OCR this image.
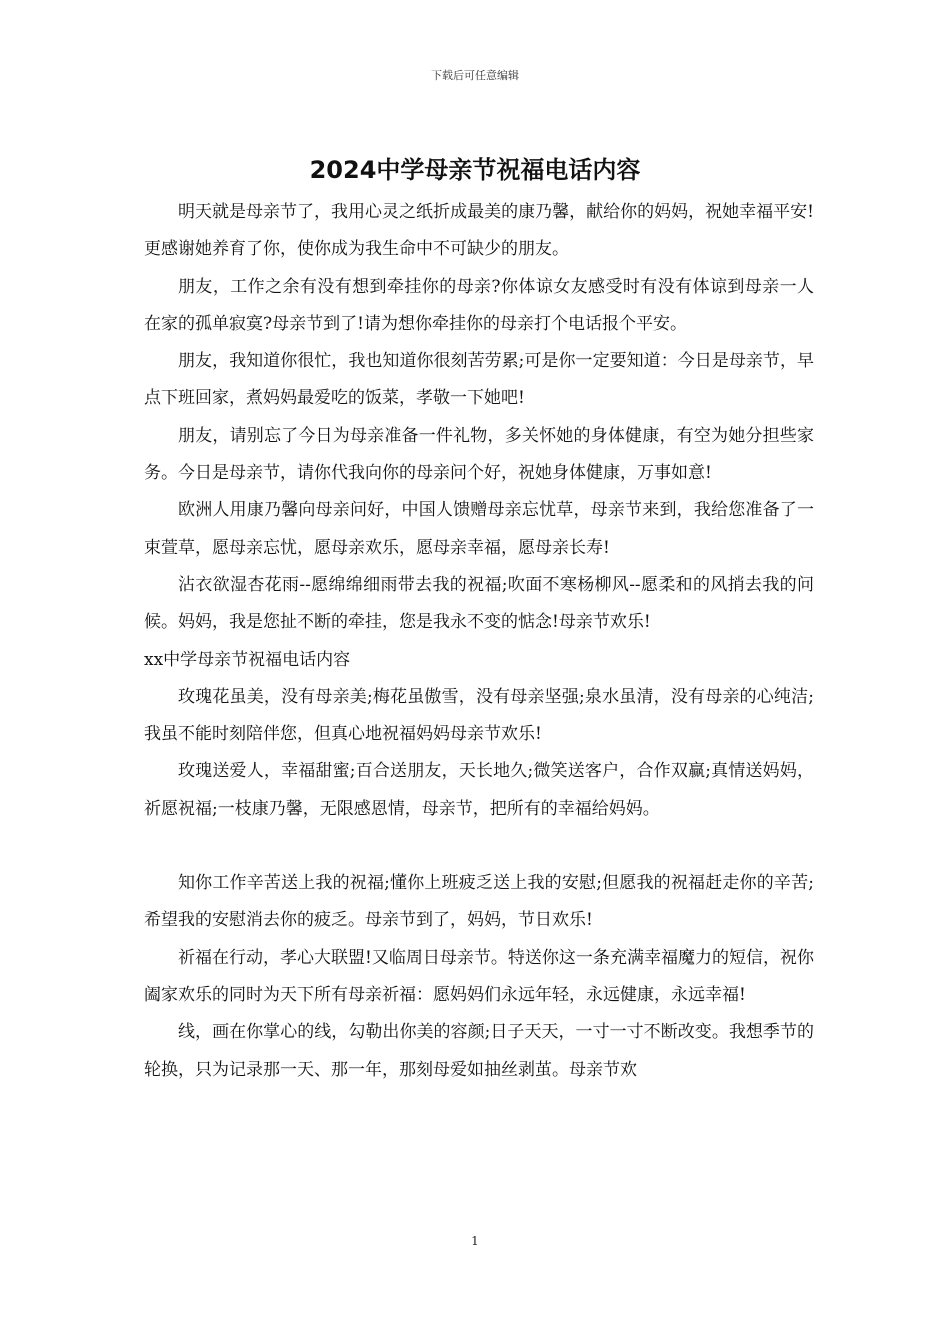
下载后可任意编辑
2024中学母亲节祝福电话内容

明天就是母亲节了，我用心灵之纸折成最美的康乃馨，献给你的妈妈，祝她幸福平安!更感谢她养育了你，使你成为我生命中不可缺少的朋友。

朋友，工作之余有没有想到牵挂你的母亲?你体谅女友感受时有没有体谅到母亲一人在家的孤单寂寞?母亲节到了!请为想你牵挂你的母亲打个电话报个平安。

朋友，我知道你很忙，我也知道你很刻苦劳累;可是你一定要知道：今日是母亲节，早点下班回家，煮妈妈最爱吃的饭菜，孝敬一下她吧!

朋友，请别忘了今日为母亲准备一件礼物，多关怀她的身体健康，有空为她分担些家务。今日是母亲节，请你代我向你的母亲问个好，祝她身体健康，万事如意!

欧洲人用康乃馨向母亲问好，中国人馈赠母亲忘忧草，母亲节来到，我给您准备了一束萱草，愿母亲忘忧，愿母亲欢乐，愿母亲幸福，愿母亲长寿!

沾衣欲湿杏花雨--愿绵绵细雨带去我的祝福;吹面不寒杨柳风--愿柔和的风捎去我的问候。妈妈，我是您扯不断的牵挂，您是我永不变的惦念!母亲节欢乐!

xx中学母亲节祝福电话内容

玫瑰花虽美，没有母亲美;梅花虽傲雪，没有母亲坚强;泉水虽清，没有母亲的心纯洁;我虽不能时刻陪伴您，但真心地祝福妈妈母亲节欢乐!

玫瑰送爱人，幸福甜蜜;百合送朋友，天长地久;微笑送客户，合作双赢;真情送妈妈，祈愿祝福;一枝康乃馨，无限感恩情，母亲节，把所有的幸福给妈妈。

知你工作辛苦送上我的祝福;懂你上班疲乏送上我的安慰;但愿我的祝福赶走你的辛苦;希望我的安慰消去你的疲乏。母亲节到了，妈妈，节日欢乐!

祈福在行动，孝心大联盟!又临周日母亲节。特送你这一条充满幸福魔力的短信，祝你阖家欢乐的同时为天下所有母亲祈福：愿妈妈们永远年轻，永远健康，永远幸福!

线，画在你掌心的线，勾勒出你美的容颜;日子天天，一寸一寸不断改变。我想季节的轮换，只为记录那一天、那一年，那刻母爱如抽丝剥茧。母亲节欢

1
